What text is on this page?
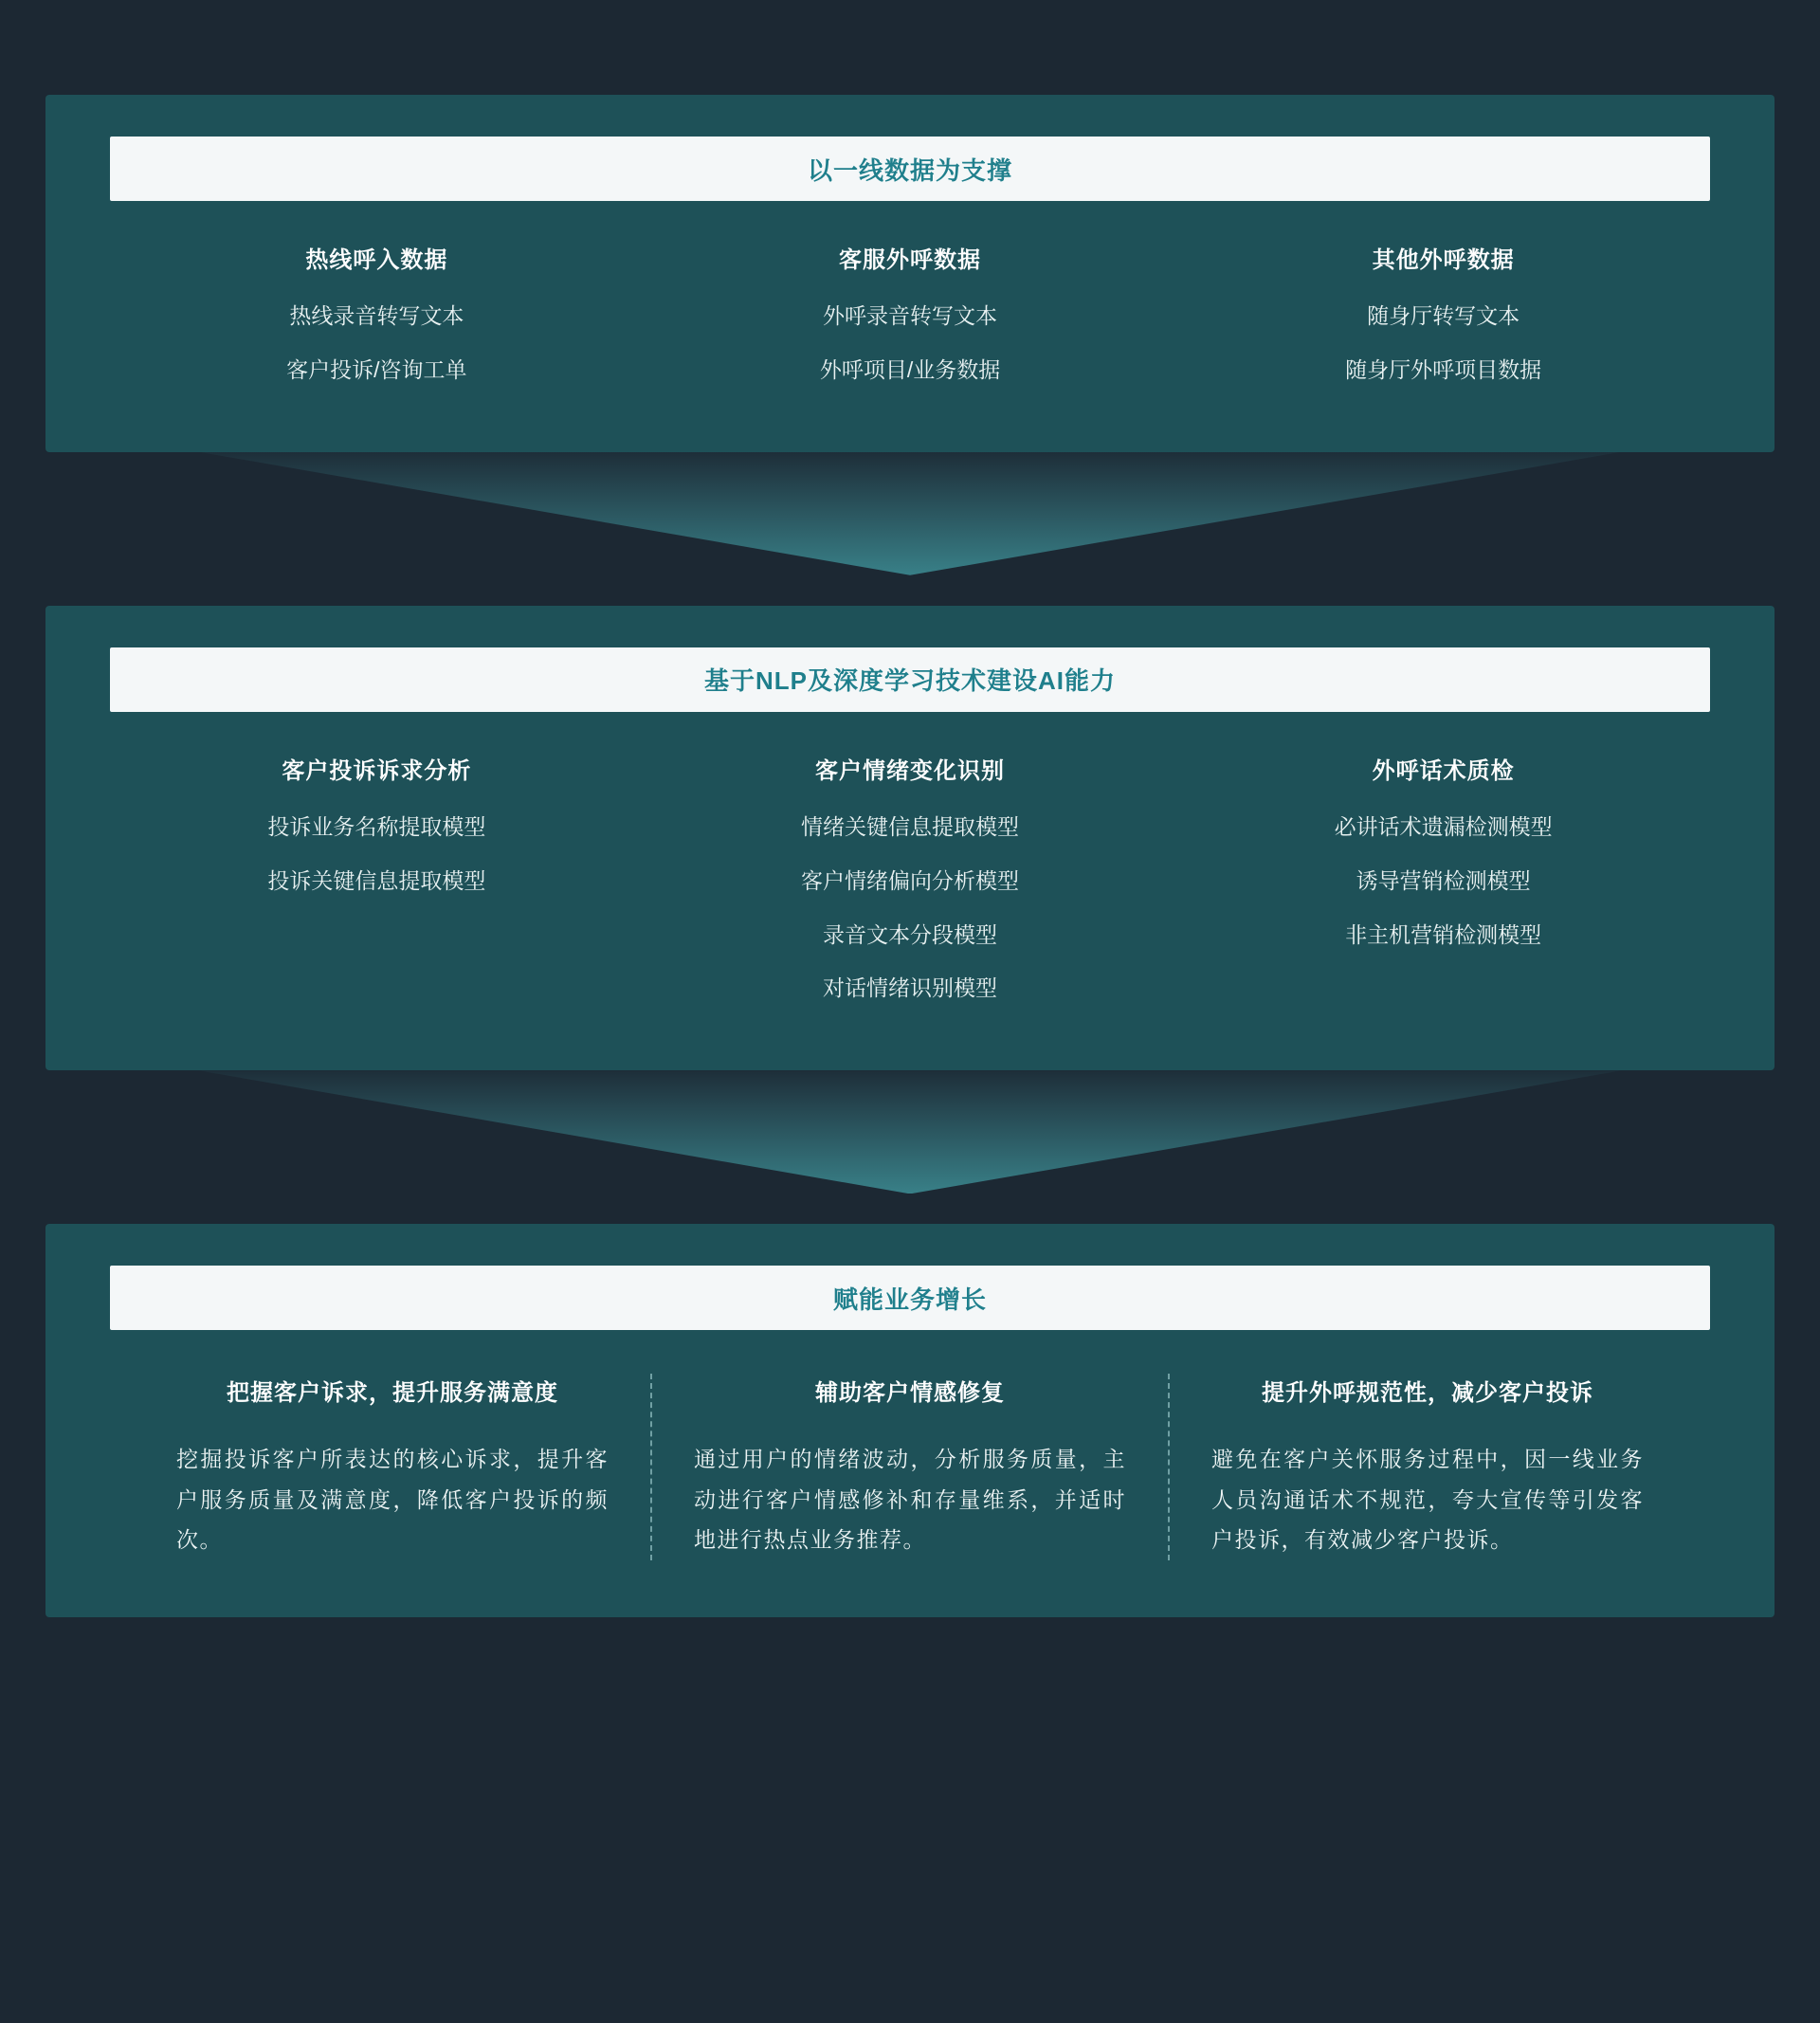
以一线数据为支撑
热线呼入数据
热线录音转写文本
客户投诉/咨询工单
客服外呼数据
外呼录音转写文本
外呼项目/业务数据
其他外呼数据
随身厅转写文本
随身厅外呼项目数据
基于NLP及深度学习技术建设AI能力
客户投诉诉求分析
投诉业务名称提取模型
投诉关键信息提取模型
客户情绪变化识别
情绪关键信息提取模型
客户情绪偏向分析模型
录音文本分段模型
对话情绪识别模型
外呼话术质检
必讲话术遗漏检测模型
诱导营销检测模型
非主机营销检测模型
赋能业务增长
把握客户诉求，提升服务满意度
挖掘投诉客户所表达的核心诉求，提升客户服务质量及满意度，降低客户投诉的频次。
辅助客户情感修复
通过用户的情绪波动，分析服务质量，主动进行客户情感修补和存量维系，并适时地进行热点业务推荐。
提升外呼规范性，减少客户投诉
避免在客户关怀服务过程中，因一线业务人员沟通话术不规范，夸大宣传等引发客户投诉，有效减少客户投诉。
